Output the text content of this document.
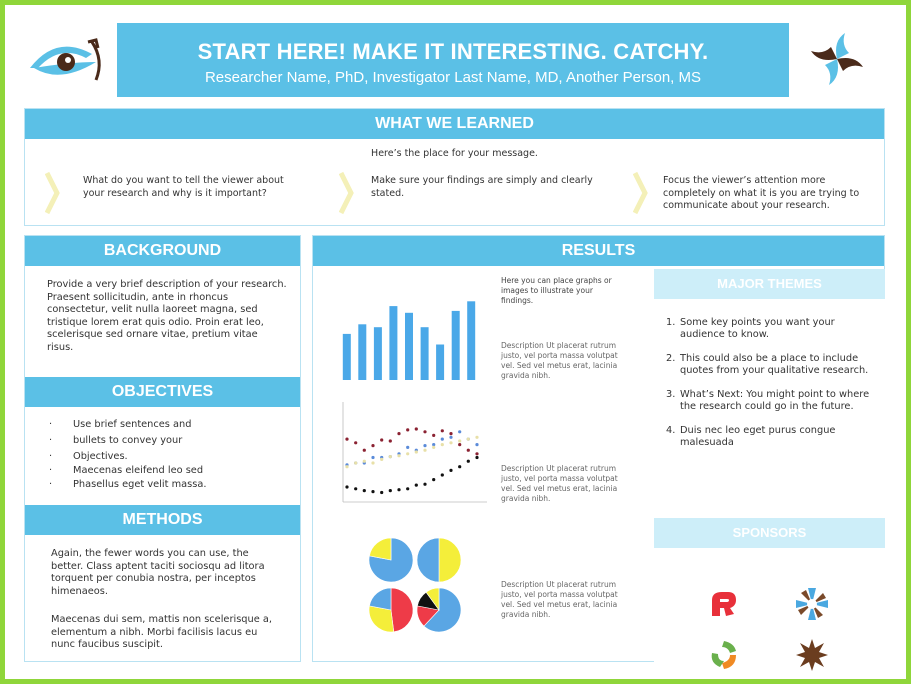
START HERE! MAKE IT INTERESTING. CATCHY.
Researcher Name, PhD, Investigator Last Name, MD, Another Person, MS
WHAT WE LEARNED
Here’s the place for your message.
What do you want to tell the viewer about your research and why is it important?
Make sure your findings are simply and clearly stated.
Focus the viewer’s attention more completely on what it is you are trying to communicate about your research.
BACKGROUND
Provide a very brief description of your research. Praesent sollicitudin, ante in rhoncus consectetur, velit nulla laoreet magna, sed tristique lorem erat quis odio. Proin erat leo, scelerisque sed ornare vitae, pretium vitae risus.
OBJECTIVES
· Use brief sentences and
· bullets to convey your
· Objectives.
· Maecenas eleifend leo sed
· Phasellus eget velit massa.
METHODS
Again, the fewer words you can use, the better. Class aptent taciti sociosqu ad litora torquent per conubia nostra, per inceptos himenaeos.
Maecenas dui sem, mattis non scelerisque a, elementum a nibh. Morbi facilisis lacus eu nunc faucibus suscipit.
RESULTS
Here you can place graphs or images to illustrate your findings.
Description Ut placerat rutrum justo, vel porta massa volutpat vel. Sed vel metus erat, lacinia gravida nibh.
Description Ut placerat rutrum justo, vel porta massa volutpat vel. Sed vel metus erat, lacinia gravida nibh.
Description Ut placerat rutrum justo, vel porta massa volutpat vel. Sed vel metus erat, lacinia gravida nibh.
MAJOR THEMES
1. Some key points you want your audience to know.
2. This could also be a place to include quotes from your qualitative research.
3. What’s Next: You might point to where the research could go in the future.
4. Duis nec leo eget purus congue malesuada
SPONSORS
